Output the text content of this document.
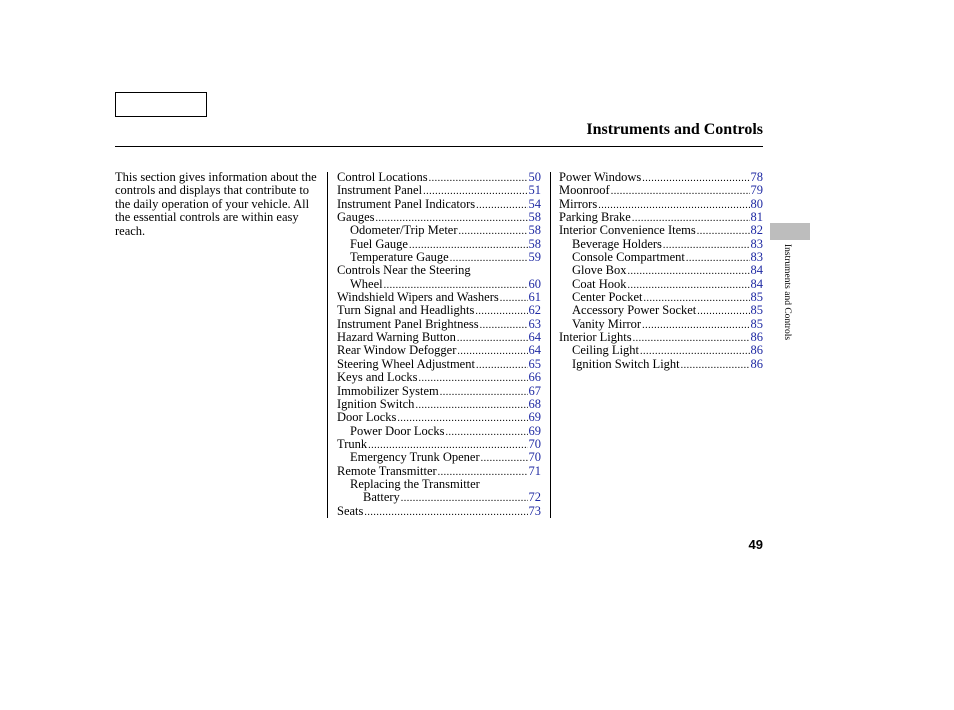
Instruments and Controls
This section gives information about the controls and displays that contribute to the daily operation of your vehicle. All the essential controls are within easy reach.
Control Locations .....	50
Instrument Panel .....	51
Instrument Panel Indicators .....	54
Gauges .....	58
Odometer/Trip Meter .....	58
Fuel Gauge .....	58
Temperature Gauge .....	59
Controls Near the Steering
Wheel .....	60
Windshield Wipers and Washers ..... 61
Turn Signal and Headlights .....	62
Instrument Panel Brightness .....	63
Hazard Warning Button .....	64
Rear Window Defogger .....	64
Steering Wheel Adjustment .....	65
Keys and Locks .....	66
Immobilizer System .....	67
Ignition Switch .....	68
Door Locks .....	69
Power Door Locks .....	69
Trunk .....	70
Emergency Trunk Opener .....	70
Remote Transmitter .....	71
Replacing the Transmitter
Battery .....	72
Seats .....	73
Power Windows .....	78
Moonroof .....	79
Mirrors .....	80
Parking Brake .....	81
Interior Convenience Items .....	82
Beverage Holders .....	83
Console Compartment .....	83
Glove Box .....	84
Coat Hook .....	84
Center Pocket .....	85
Accessory Power Socket .....	85
Vanity Mirror .....	85
Interior Lights .....	86
Ceiling Light .....	86
Ignition Switch Light .....	86
Instruments and Controls
49
